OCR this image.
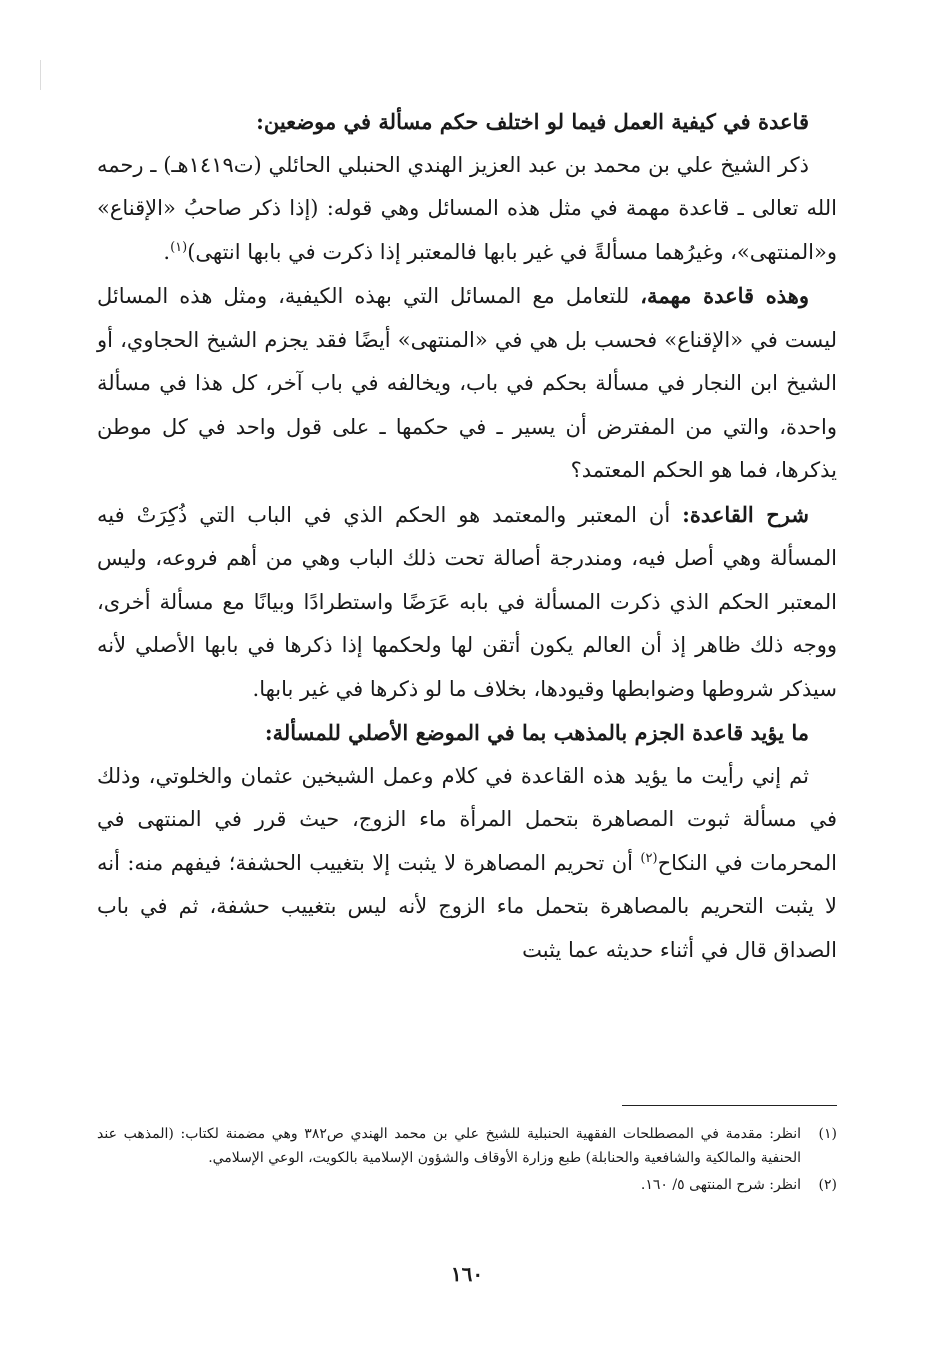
قاعدة في كيفية العمل فيما لو اختلف حكم مسألة في موضعين:

ذكر الشيخ علي بن محمد بن عبد العزيز الهندي الحنبلي الحائلي (ت١٤١٩هـ) ـ رحمه الله تعالى ـ قاعدة مهمة في مثل هذه المسائل وهي قوله: (إذا ذكر صاحبُ «الإقناع» و«المنتهى»، وغيرُهما مسألةً في غير بابها فالمعتبر إذا ذكرت في بابها انتهى)$^{(١)}$.

وهذه قاعدة مهمة، للتعامل مع المسائل التي بهذه الكيفية، ومثل هذه المسائل ليست في «الإقناع» فحسب بل هي في «المنتهى» أيضًا فقد يجزم الشيخ الحجاوي، أو الشيخ ابن النجار في مسألة بحكم في باب، ويخالفه في باب آخر، كل هذا في مسألة واحدة، والتي من المفترض أن يسير ـ في حكمها ـ على قول واحد في كل موطن يذكرها، فما هو الحكم المعتمد؟

شرح القاعدة: أن المعتبر والمعتمد هو الحكم الذي في الباب التي ذُكِرَتْ فيه المسألة وهي أصل فيه، ومندرجة أصالة تحت ذلك الباب وهي من أهم فروعه، وليس المعتبر الحكم الذي ذكرت المسألة في بابه عَرَضًا واستطرادًا وبيانًا مع مسألة أخرى، ووجه ذلك ظاهر إذ أن العالم يكون أتقن لها ولحكمها إذا ذكرها في بابها الأصلي لأنه سيذكر شروطها وضوابطها وقيودها، بخلاف ما لو ذكرها في غير بابها.

ما يؤيد قاعدة الجزم بالمذهب بما في الموضع الأصلي للمسألة:

ثم إني رأيت ما يؤيد هذه القاعدة في كلام وعمل الشيخين عثمان والخلوتي، وذلك في مسألة ثبوت المصاهرة بتحمل المرأة ماء الزوج، حيث قرر في المنتهى في المحرمات في النكاح$^{(٢)}$ أن تحريم المصاهرة لا يثبت إلا بتغييب الحشفة؛ فيفهم منه: أنه لا يثبت التحريم بالمصاهرة بتحمل ماء الزوج لأنه ليس بتغييب حشفة، ثم في باب الصداق قال في أثناء حديثه عما يثبت

(١)
انظر: مقدمة في المصطلحات الفقهية الحنبلية للشيخ علي بن محمد الهندي ص٣٨٢ وهي مضمنة لكتاب: (المذهب عند الحنفية والمالكية والشافعية والحنابلة) طبع وزارة الأوقاف والشؤون الإسلامية بالكويت، الوعي الإسلامي.
(٢)
انظر: شرح المنتهى ٥/ ١٦٠.
١٦٠
